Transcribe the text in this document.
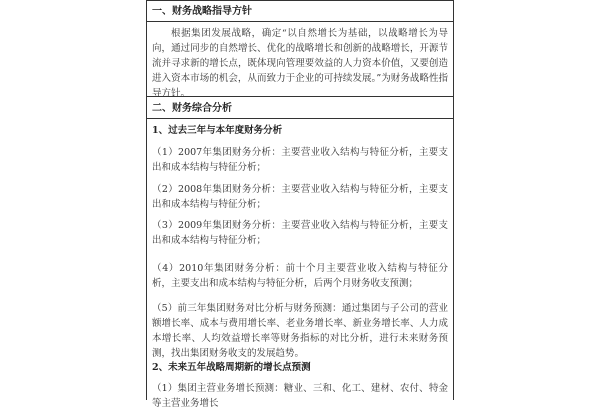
一、财务战略指导方针
根据集团发展战略，确定“以自然增长为基础，以战略增长为导向，通过同步的自然增长、优化的战略增长和创新的战略增长，开源节流并寻求新的增长点，既体现向管理要效益的人力资本价值，又要创造进入资本市场的机会，从而致力于企业的可持续发展。”为财务战略性指导方针。
二、财务综合分析
1、过去三年与本年度财务分析
（1）2007年集团财务分析：主要营业收入结构与特征分析，主要支出和成本结构与特征分析；
（2）2008年集团财务分析：主要营业收入结构与特征分析，主要支出和成本结构与特征分析；
（3）2009年集团财务分析：主要营业收入结构与特征分析，主要支出和成本结构与特征分析；
（4）2010年集团财务分析：前十个月主要营业收入结构与特征分析，主要支出和成本结构与特征分析，后两个月财务收支预测；
（5）前三年集团财务对比分析与财务预测：通过集团与子公司的营业额增长率、成本与费用增长率、老业务增长率、新业务增长率、人力成本增长率、人均效益增长率等财务指标的对比分析，进行未来财务预测，找出集团财务收支的发展趋势。
2、未来五年战略周期新的增长点预测
（1）集团主营业务增长预测：糖业、三和、化工、建材、农付、特金等主营业务增长
